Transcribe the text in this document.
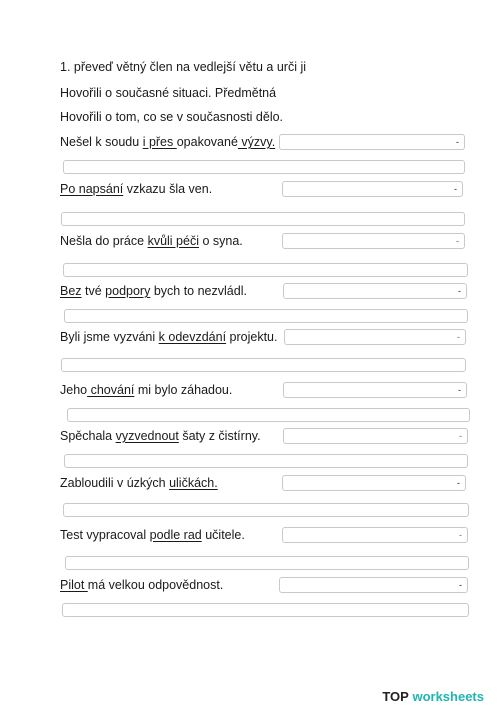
1. převeď větný člen na vedlejší větu a urči ji
Hovořili o současné situaci. Předmětná
Hovořili o tom, co se v současnosti dělo.
Nešel k soudu i přes opakované výzvy.	-
Po napsání vzkazu šla ven.	-
Nešla do práce kvůli péči o syna.	-
Bez tvé podpory bych to nezvládl.	-
Byli jsme vyzváni k odevzdání projektu.	-
Jeho chování mi bylo záhadou.	-
Spěchala vyzvednout šaty z čistírny.	-
Zabloudili v úzkých uličkách.	-
Test vypracoval podle rad učitele.	-
Pilot má velkou odpovědnost.	-
TOP worksheets
